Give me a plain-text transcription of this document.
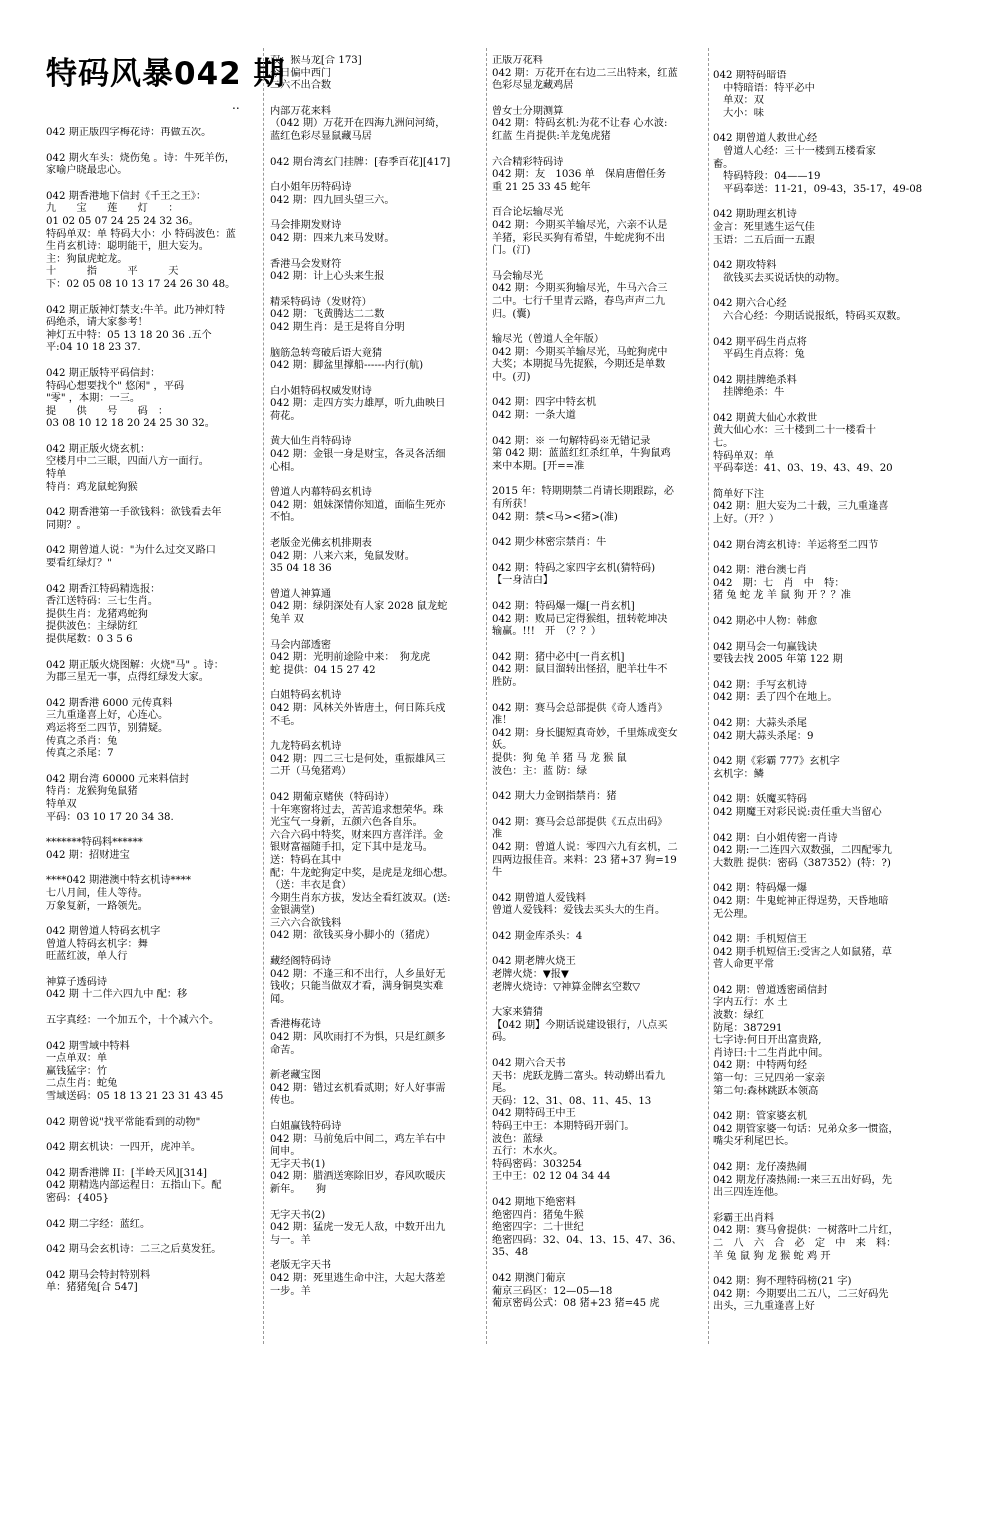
特码风暴042 期
..
042 期正版四字梅花诗：再做五次。
042 期火车头：烧伤兔 。诗：牛死羊伤，
家喻户晓最忠心。
042 期香港地下信封《千王之王》：
九　　宝　　莲　　灯　　：
01 02 05 07 24 25 24 32 36。
特码单双：单 特码大小：小 特码波色：蓝
生肖玄机诗：聪明能干，胆大妄为。
主：狗鼠虎蛇龙。
十　　　指　　　平　　　天
下：02 05 08 10 13 17 24 26 30 48。
042 期正版神灯禁支:牛羊。此乃神灯特
码绝杀，请大家参考！
神灯五中特：05 13 18 20 36 .五个
平:04 10 18 23 37.
042 期正版特平码信封：
特码心想要找个" 悠闲" ，平码
"零" ，本期：一三。
提　　供　　号　　码　：
03 08 10 12 18 20 24 25 30 32。
042 期正版火烧玄机：
空楼月中二三眼，四面八方一面行。
特单
特肖：鸡龙鼠蛇狗猴
042 期香港第一手欲钱料：欲钱看去年
同期？。
042 期曾道人说："为什么过交叉路口
要看红绿灯？"
042 期香江特码精选报：
香江送特码：三七生肖。
提供生肖：龙猪鸡蛇狗
提供波色：主绿防红
提供尾数：0 3 5 6
042 期正版火烧图解：火烧"马" 。诗：
为郡三星无一事，点得红绿发大家。
042 期香港 6000 元传真料
三九重逢喜上好，心连心。
鸡运将至二四节，别猜疑。
传真之杀肖：兔
传真之杀尾：7
042 期台湾 60000 元来料信封
特肖：龙猴狗兔鼠猪
特单双
平码：03 10 17 20 34 38.
*******特码料******
042 期：招财进宝
****042 期港澳中特玄机诗****
七八月间，佳人等待。
万象复新，一路领先。
042 期曾道人特码玄机字
曾道人特码玄机字：舞
旺蓝红波，单人行
神算子透码诗
042 期 十二伴六四九中 配：移
五字真经：一个加五个，十个减六个。
042 期雪域中特料
一点单双：单
赢钱猛字：竹
二点生肖：蛇兔
雪域送码：05 18 13 21 23 31 43 45
042 期曾说"找平常能看到的动物"
042 期玄机诀：一四开，虎冲羊。
042 期香港牌 II：[半岭天风][314]
042 期精选内部运程日：五指山下。配
密码：{405}
042 期二字经：蓝红。
042 期马会玄机诗：二三之后莫发狂。
042 期马会特封特别料
单：猪猪兔[合 547]
双：猴马龙[合 173]
今日偏中西门
二六不出合数
内部万花来料
（042 期）万花开在四海九洲问河绮，
蓝红色彩尽显鼠藏马居
042 期台湾玄门挂牌：[春季百花][417]
白小姐年历特码诗
042 期：四九回头望三六。
马会排期发财诗
042 期：四来九来马发财。
香港马会发财符
042 期：计上心头来生报
精采特码诗（发财符）
042 期：飞黄腾达二二数
042 期生肖：是王是将自分明
脑筋急转弯破后语大竟猜
042 期：脚盆里撑船------内行(航)
白小姐特码权威发财诗
042 期：走四方实力雄厚，听九曲映日
荷花。
黄大仙生肖特码诗
042 期：金银一身是财宝，各灵各活细
心相。
曾道人内幕特码玄机诗
042 期：姐妹深情你知道，面临生死亦
不怕。
老版金光佛玄机排期表
042 期：八来六来，兔鼠发财。
35 04 18 36
曾道人神算通
042 期：绿阴深处有人家 2028 鼠龙蛇
兔羊 双
马会内部透密
042 期：光明前途险中来：　狗龙虎
蛇 提供：04 15 27 42
白姐特码玄机诗
042 期：风林关外皆唐土，何日陈兵戍
不毛。
九龙特码玄机诗
042 期：四二三七是何处，重振雄风三
二开（马兔猪鸡）
042 期葡京赌侠（特码诗）
十年寒窗将过去，苦苦追求想荣华。珠
光宝气一身新，五颜六色各自乐。
六合六码中特奖，财来四方喜洋洋。金
银财富福随手扣，定下其中是龙马。
送：特码在其中
配：牛龙蛇狗定中奖，是虎是龙细心想。
（送：丰衣足食）
今期生肖东方拔，发达全看红波双。(送:
金银满堂)
三六六合欲钱料
042 期：欲钱买身小脚小的（猪虎）
藏经阁特码诗
042 期：不逢三和不出行，人乡虽好无
钱收；只能当做双才看，满身铜臭实难
闻。
香港梅花诗
042 期：风吹雨打不为惧，只是红颜多
命苦。
新老藏宝图
042 期：错过玄机看贰期；好人好事需
传也。
白姐赢钱特码诗
042 期：马前兔后中间二，鸡左羊右中
间申。
无字天书(1)
042 期：腊酒送寒除旧岁，春风吹暖庆
新年。　　狗
无字天书(2)
042 期：猛虎一发无人敌，中数开出九
与一。羊
老版无字天书
042 期：死里逃生命中注，大起大落差
一步。羊
正版万花料
042 期：万花开在右边二三出特来，红蓝
色彩尽显龙藏鸡居
曾女士分期测算
042 期：特码玄机:为花不让春 心水波:
红蓝 生肖提供:羊龙兔虎猪
六合精彩特码诗
042 期：友　1036 单　保肩唐僧任务
重 21 25 33 45 蛇年
百合论坛输尽光
042 期：今期买羊输尽光，六亲不认是
羊猪，彩民买狗有希望，牛蛇虎狗不出
门。(汀)
马会输尽光
042 期：今期买狗输尽光，牛马六合三
二中。七行千里青云路，春鸟声声二九
归。(囊)
输尽光（曾道人全年版）
042 期：今期买羊输尽光，马蛇狗虎中
大奖；本期捉马先捉猴，今期还是单数
中。(刃)
042 期：四字中特玄机
042 期：一条大道
042 期：※ 一句解特码※无错记录
第 042 期：蓝蓝红红杀红单，牛狗鼠鸡
来中本期。[开==准
2015 年：特期期禁二肖请长期跟踪，必
有所获！
042 期：禁<马><猪>(准)
042 期少林密宗禁肖：牛
042 期：特码之家四字玄机(猜特码)
【一身洁白】
042 期：特码爆一爆[一肖玄机]
042 期：败局已定得猴组，扭转乾坤决
输赢。!!!　开　（？？）
042 期：猪中必中[一肖玄机]
042 期：鼠目溜转出怪招，肥羊壮牛不
胜防。
042 期：赛马会总部提供《奇人透肖》
准！
042 期：身长腿短真奇妙，千里炼成变女
妖。
提供：狗 兔 羊 猪 马 龙 猴 鼠
波色：主：蓝 防：绿
042 期大力金钢指禁肖：猪
042 期：赛马会总部提供《五点出码》
准
042 期：曾道人说：零四六九有玄机，二
四两边报佳音。来料：23 猪+37 狗=19
牛
042 期曾道人爱钱料
曾道人爱钱料：爱钱去买头大的生肖。
042 期金库杀头：4
042 期老牌火烧王
老牌火烧：▼报▼
老牌火烧诗：▽神算金牌玄空数▽
大家来猜猜
【042 期】今期话说建设银行，八点买
码。
042 期六合天书
天书：虎跃龙腾二富头。转动蟒出看九
尾。
天码：12、31、08、11、45、13
042 期特码王中王
特码王中王：本期特码开弱门。
波色：蓝绿
五行：木水火。
特码密码：303254
王中王：02 12 04 34 44
042 期地下绝密料
绝密四肖：猪兔牛猴
绝密四字：二十世纪
绝密四码：32、04、13、15、47、36、
35、48
042 期澳门葡京
葡京三码区：12—05—18
葡京密码公式：08 猪+23 猪=45 虎
042 期特码暗语
　中特暗语：特平必中
　单双：双
　大小：味
042 期曾道人救世心经
　曾道人心经：三十一楼到五楼看家
畜。
　特码特段：04——19
　平码奉送：11-21，09-43，35-17，49-08
042 期助理玄机诗
金言：死里逃生运气佳
玉语：二五后面一五跟
042 期攻特料
　欲钱买去买说话快的动物。
042 期六合心经
　六合心经：今期话说报纸，特码买双数。
042 期平码生肖点将
　平码生肖点将：兔
042 期挂牌绝杀料
　挂牌绝杀：牛
042 期黄大仙心水救世
黄大仙心水：三十楼到二十一楼看十
七。
特码单双：单
平码奉送：41、03、19、43、49、20
简单好下注
042 期：胆大妄为二十载，三九重逢喜
上好。（开？）
042 期台湾玄机诗：羊运将至二四节
042 期：港台澳七肖
042　期：七　肖　中　特：
猪 兔 蛇 龙 羊 鼠 狗 开 ？？准
042 期必中人物：韩愈
042 期马会一句赢钱诀
要钱去找 2005 年第 122 期
042 期：手写玄机诗
042 期：丢了四个在地上。
042 期：大蒜头杀尾
042 期大蒜头杀尾：9
042 期《彩霸 777》玄机字
玄机字：鳞
042 期：妖魔买特码
042 期魔王对彩民说:责任重大当留心
042 期：白小姐传密一肖诗
042 期:一二连四六双数强，二四配零九
大数胜 提供：密码（387352）(特：?)
042 期：特码爆一爆
042 期：牛鬼蛇神正得逞势，天昏地暗
无公理。
042 期：手机短信王
042 期手机短信王:受害之人如鼠猪，草
菅人命更平常
042 期：曾道透密函信封
字内五行：水 土
波数：绿红
防尾：387291
七字诗:何日开出富贵路,
肖诗曰:十二生肖此中间。
042 期：中特两句经
第一句：三兄四弟一家亲
第二句:森林跳跃本领高
042 期：管家婆玄机
042 期管家婆一句话：兄弟众多一惯盗，
嘴尖牙利尾巴长。
042 期：龙仔凑热闹
042 期龙仔凑热闹:一来三五出好码，先
出三四连连他。
彩霸王出肖料
042 期：赛马會提供：一树落叶二片红，
二　八　六　合　必　定　中　来　料：
羊 兔 鼠 狗 龙 猴 蛇 鸡 开
042 期：狗不理特码榜(21 字)
042 期：今期要出二五八，二三好码先
出头，三九重逢喜上好
